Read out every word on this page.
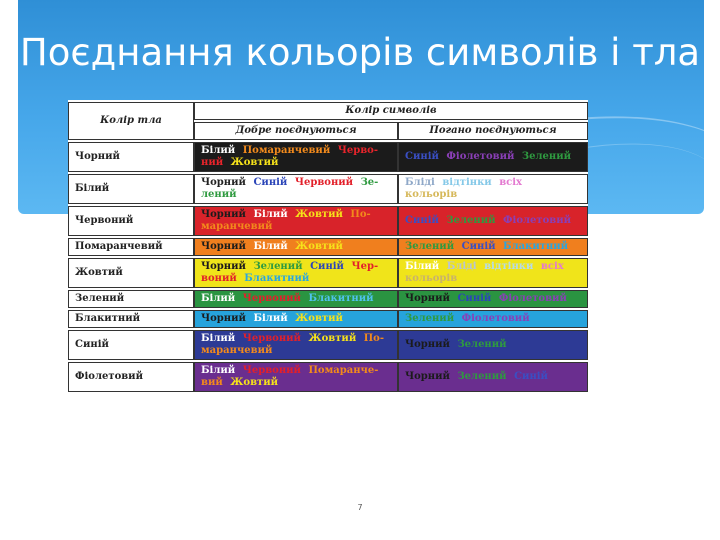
Поєднання кольорів символів і тла
Колір тла	Колір символів	
	Добре поєднуються	Погано поєднуються
Чорний	Білий Помаранчевий Черво-ний Жовтий	Синій Фіолетовий Зелений
Білий	Чорний Синій Червоний Зе-лений	Бліді відтінки всіх кольорів
Червоний	Чорний Білий Жовтий По-маранчевий	Синій Зелений Фіолетовий
Помаранчевий	Чорний Білий Жовтий	Зелений Синій Блакитний
Жовтий	Чорний Зелений Синій Чер-воний Блакитний	Білий Бліді відтінки всіх кольорів
Зелений	Білий Червоний Блакитний	Чорний Синій Фіолетовий
Блакитний	Чорний Білий Жовтий	Зелений Фіолетовий
Синій	Білий Червоний Жовтий По-маранчевий	Чорний Зелений
Фіолетовий	Білий Червоний Помаранче-вий Жовтий	Чорний Зелений Синій
7
